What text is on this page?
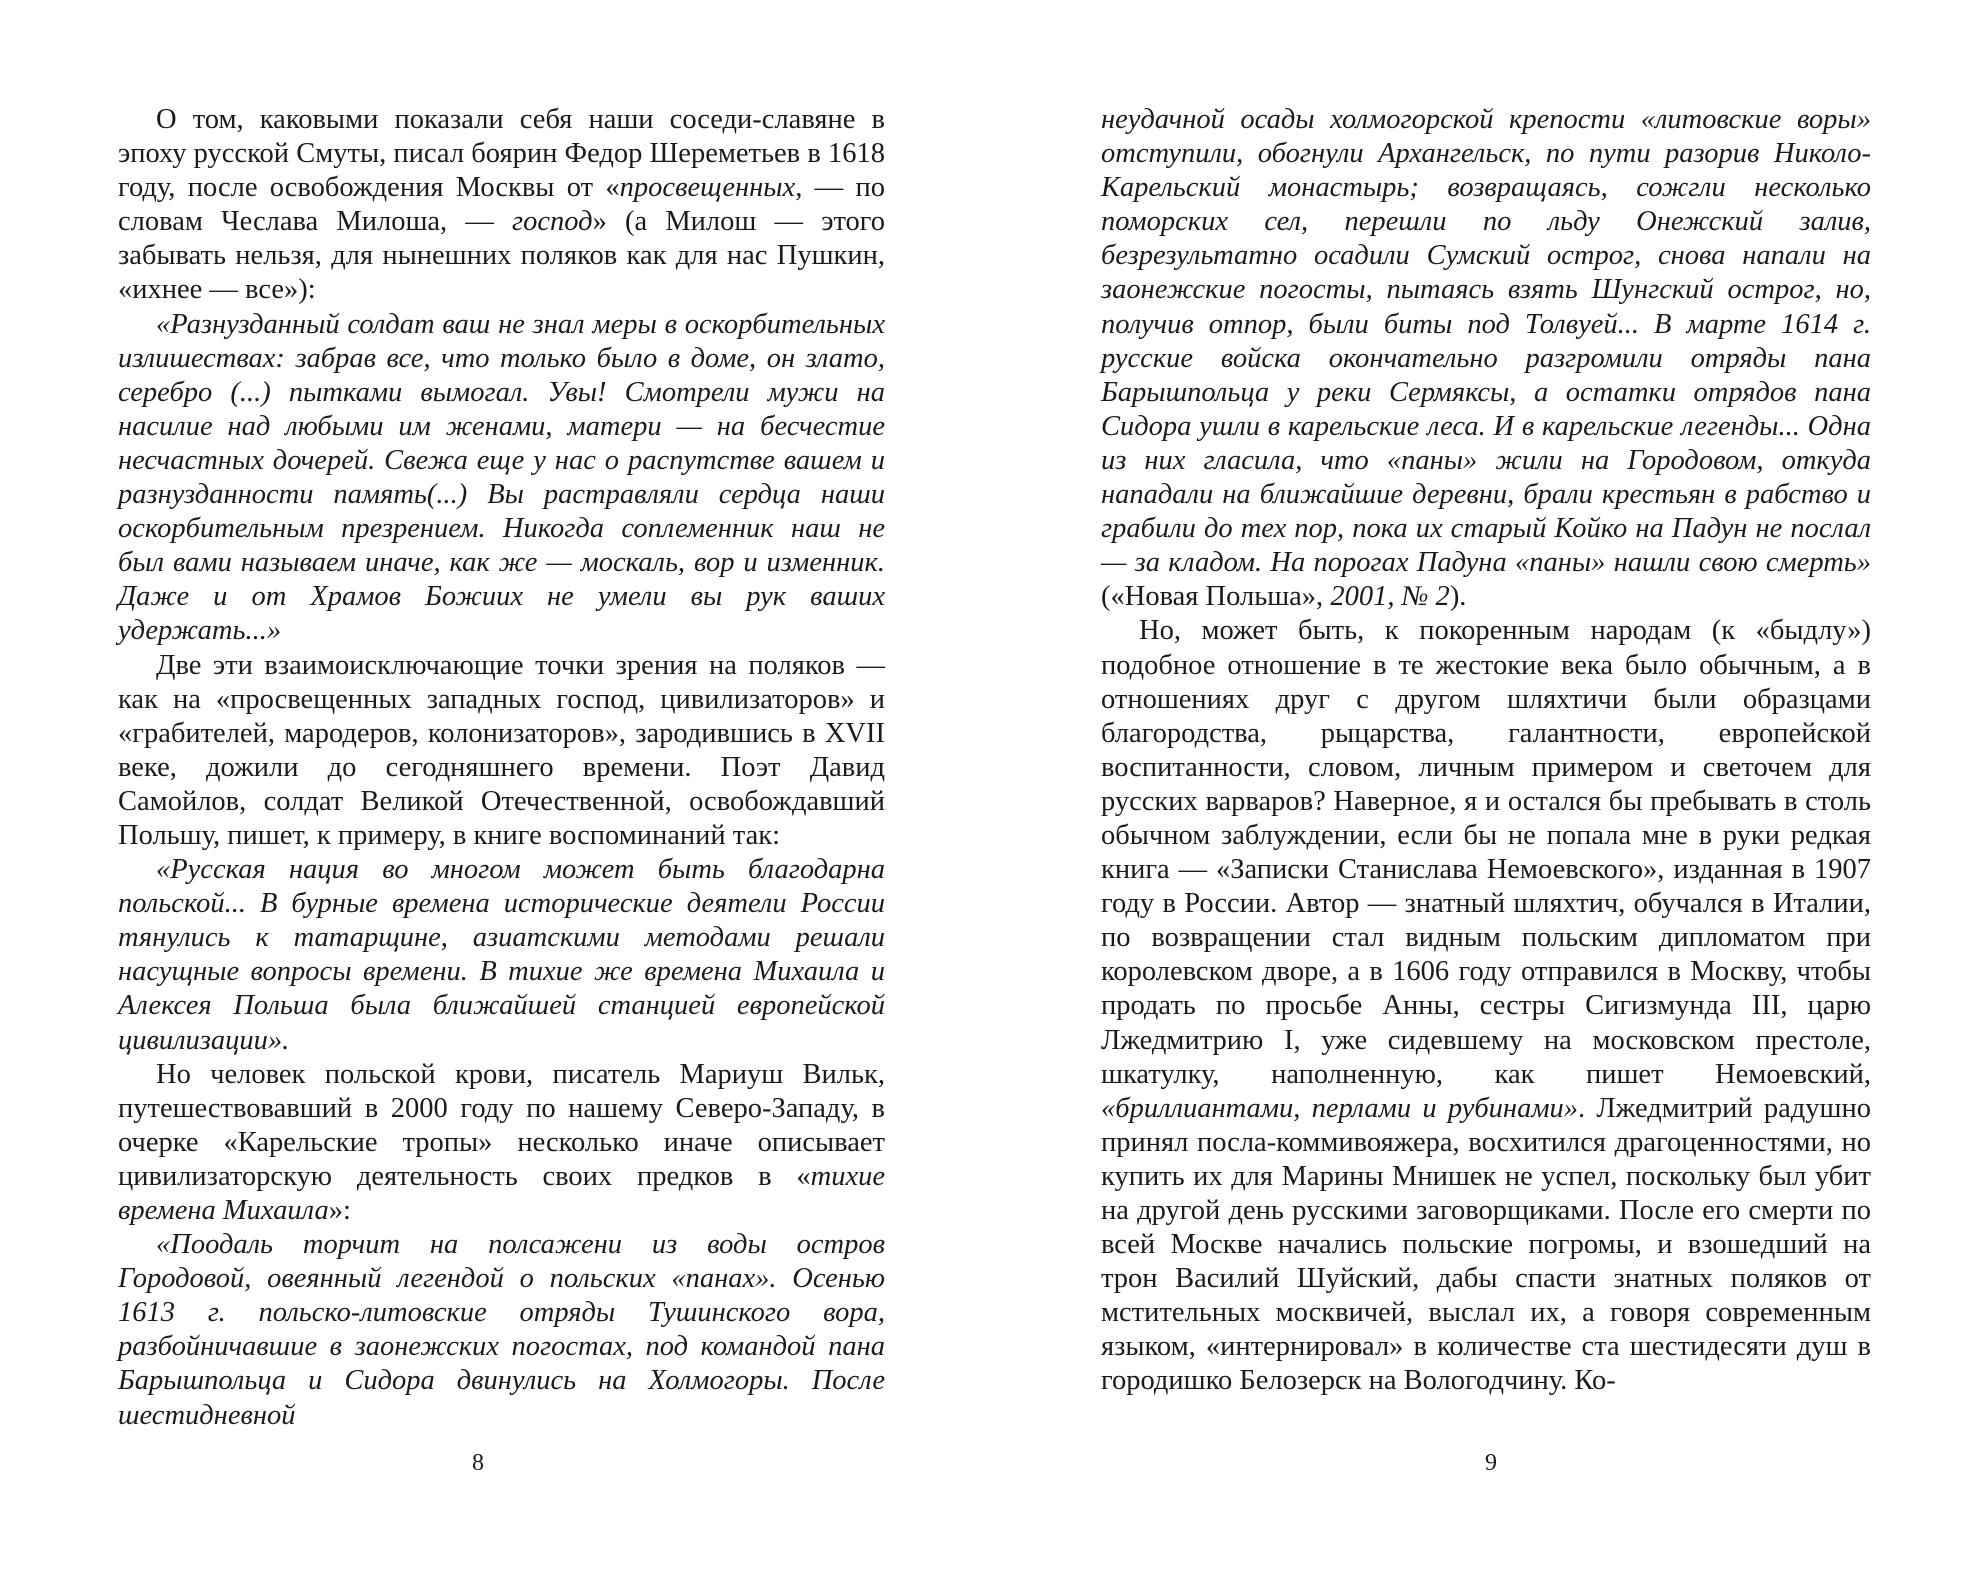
О том, каковыми показали себя наши соседи-славяне в эпоху русской Смуты, писал боярин Федор Шереметьев в 1618 году, после освобождения Москвы от «просвещенных, — по словам Чеслава Милоша, — господ» (а Милош — этого забывать нельзя, для нынешних поляков как для нас Пушкин, «ихнее — все»):

«Разнузданный солдат ваш не знал меры в оскорбительных излишествах: забрав все, что только было в доме, он злато, серебро (...) пытками вымогал. Увы! Смотрели мужи на насилие над любыми им женами, матери — на бесчестие несчастных дочерей. Свежа еще у нас о распутстве вашем и разнузданности память(...) Вы растравляли сердца наши оскорбительным презрением. Никогда соплеменник наш не был вами называем иначе, как же — москаль, вор и изменник. Даже и от Храмов Божиих не умели вы рук ваших удержать...»

Две эти взаимоисключающие точки зрения на поляков — как на «просвещенных западных господ, цивилизаторов» и «грабителей, мародеров, колонизаторов», зародившись в XVII веке, дожили до сегодняшнего времени. Поэт Давид Самойлов, солдат Великой Отечественной, освобождавший Польшу, пишет, к примеру, в книге воспоминаний так:

«Русская нация во многом может быть благодарна польской... В бурные времена исторические деятели России тянулись к татарщине, азиатскими методами решали насущные вопросы времени. В тихие же времена Михаила и Алексея Польша была ближайшей станцией европейской цивилизации».

Но человек польской крови, писатель Мариуш Вильк, путешествовавший в 2000 году по нашему Северо-Западу, в очерке «Карельские тропы» несколько иначе описывает цивилизаторскую деятельность своих предков в «тихие времена Михаила»:

«Поодаль торчит на полсажени из воды остров Городовой, овеянный легендой о польских «панах». Осенью 1613 г. польско-литовские отряды Тушинского вора, разбойничавшие в заонежских погостах, под командой пана Барышпольца и Сидора двинулись на Холмогоры. После шестидневной

8

неудачной осады холмогорской крепости «литовские воры» отступили, обогнули Архангельск, по пути разорив Николо-Карельский монастырь; возвращаясь, сожгли несколько поморских сел, перешли по льду Онежский залив, безрезультатно осадили Сумский острог, снова напали на заонежские погосты, пытаясь взять Шунгский острог, но, получив отпор, были биты под Толвуей... В марте 1614 г. русские войска окончательно разгромили отряды пана Барышпольца у реки Сермяксы, а остатки отрядов пана Сидора ушли в карельские леса. И в карельские легенды... Одна из них гласила, что «паны» жили на Городовом, откуда нападали на ближайшие деревни, брали крестьян в рабство и грабили до тех пор, пока их старый Койко на Падун не послал — за кладом. На порогах Падуна «паны» нашли свою смерть» («Новая Польша», 2001, № 2).

Но, может быть, к покоренным народам (к «быдлу») подобное отношение в те жестокие века было обычным, а в отношениях друг с другом шляхтичи были образцами благородства, рыцарства, галантности, европейской воспитанности, словом, личным примером и светочем для русских варваров? Наверное, я и остался бы пребывать в столь обычном заблуждении, если бы не попала мне в руки редкая книга — «Записки Станислава Немоевского», изданная в 1907 году в России. Автор — знатный шляхтич, обучался в Италии, по возвращении стал видным польским дипломатом при королевском дворе, а в 1606 году отправился в Москву, чтобы продать по просьбе Анны, сестры Сигизмунда III, царю Лжедмитрию I, уже сидевшему на московском престоле, шкатулку, наполненную, как пишет Немоевский, «бриллиантами, перлами и рубинами». Лжедмитрий радушно принял посла-коммивояжера, восхитился драгоценностями, но купить их для Марины Мнишек не успел, поскольку был убит на другой день русскими заговорщиками. После его смерти по всей Москве начались польские погромы, и взошедший на трон Василий Шуйский, дабы спасти знатных поляков от мстительных москвичей, выслал их, а говоря современным языком, «интернировал» в количестве ста шестидесяти душ в городишко Белозерск на Вологодчину. Ко-

9
